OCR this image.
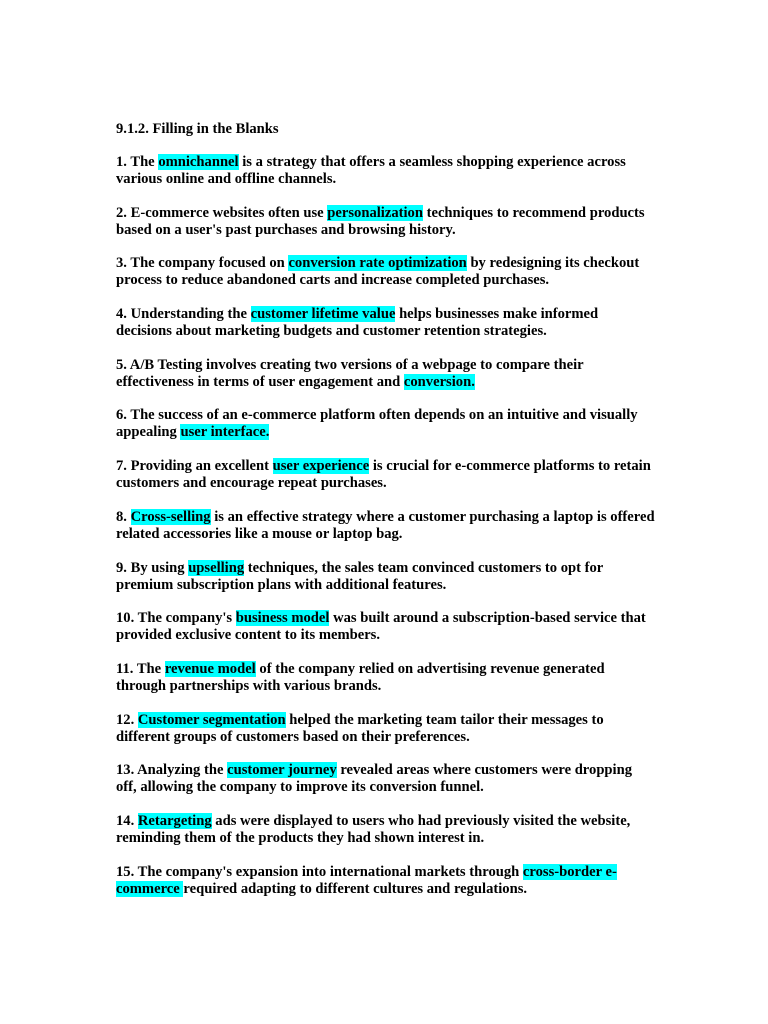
9.1.2. Filling in the Blanks
1. The omnichannel is a strategy that offers a seamless shopping experience across various online and offline channels.
2. E-commerce websites often use personalization techniques to recommend products based on a user's past purchases and browsing history.
3. The company focused on conversion rate optimization by redesigning its checkout process to reduce abandoned carts and increase completed purchases.
4. Understanding the customer lifetime value helps businesses make informed decisions about marketing budgets and customer retention strategies.
5. A/B Testing involves creating two versions of a webpage to compare their effectiveness in terms of user engagement and conversion.
6. The success of an e-commerce platform often depends on an intuitive and visually appealing user interface.
7. Providing an excellent user experience is crucial for e-commerce platforms to retain customers and encourage repeat purchases.
8. Cross-selling is an effective strategy where a customer purchasing a laptop is offered related accessories like a mouse or laptop bag.
9. By using upselling techniques, the sales team convinced customers to opt for premium subscription plans with additional features.
10. The company's business model was built around a subscription-based service that provided exclusive content to its members.
11. The revenue model of the company relied on advertising revenue generated through partnerships with various brands.
12. Customer segmentation helped the marketing team tailor their messages to different groups of customers based on their preferences.
13. Analyzing the customer journey revealed areas where customers were dropping off, allowing the company to improve its conversion funnel.
14. Retargeting ads were displayed to users who had previously visited the website, reminding them of the products they had shown interest in.
15. The company's expansion into international markets through cross-border e-commerce required adapting to different cultures and regulations.
